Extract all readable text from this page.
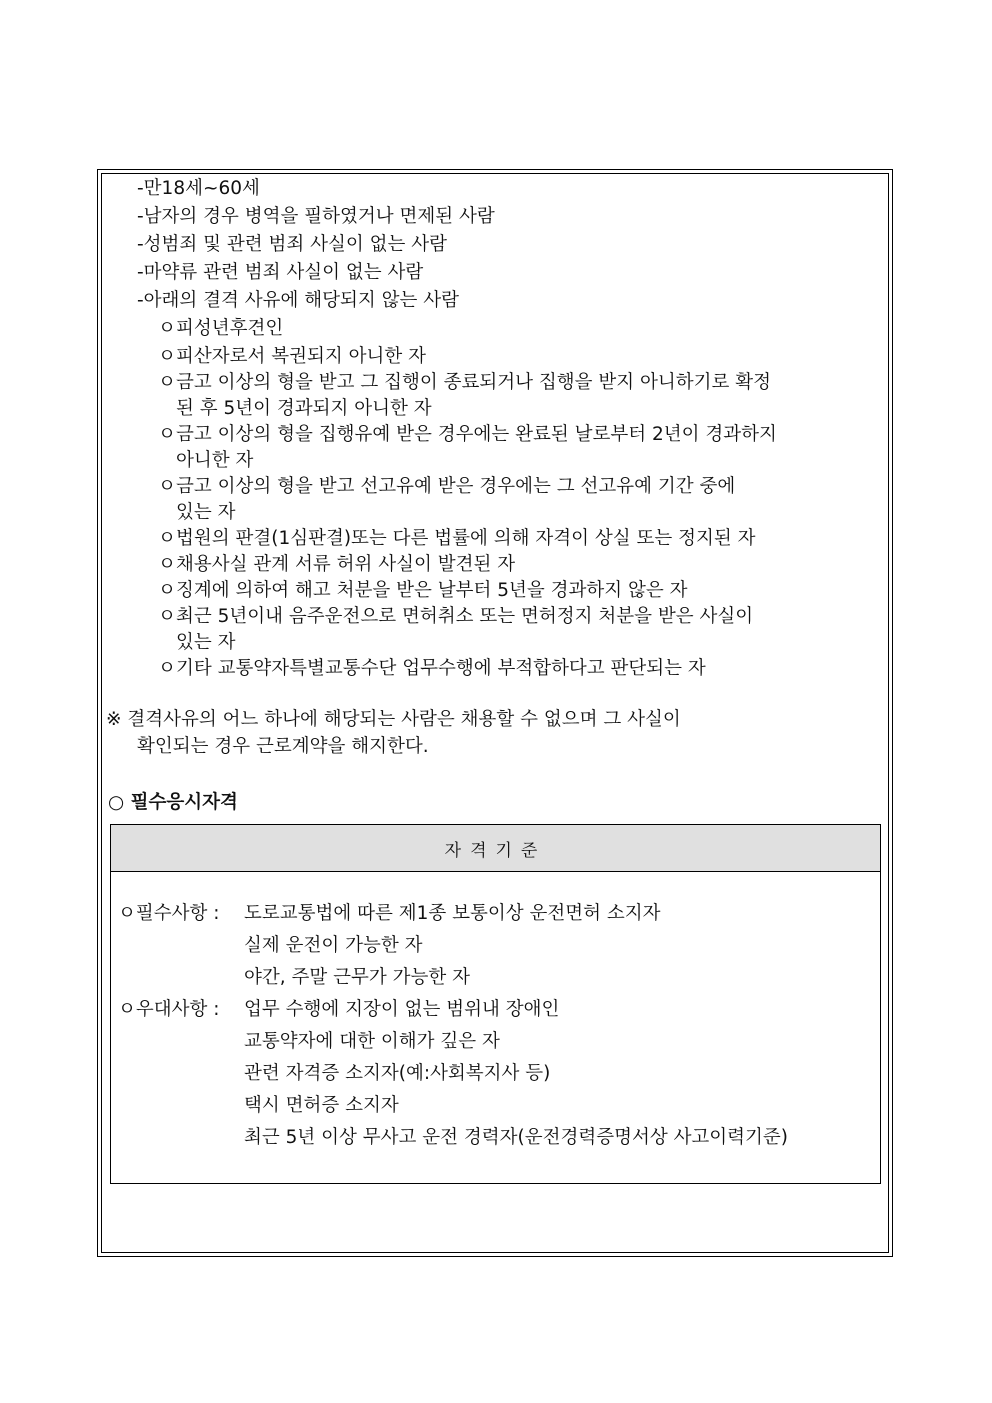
-만18세~60세
-남자의 경우 병역을 필하였거나 면제된 사람
-성범죄 및 관련 범죄 사실이 없는 사람
-마약류 관련 범죄 사실이 없는 사람
-아래의 결격 사유에 해당되지 않는 사람
ㅇ피성년후견인
ㅇ피산자로서 복권되지 아니한 자
ㅇ금고 이상의 형을 받고 그 집행이 종료되거나 집행을 받지 아니하기로 확정
된 후 5년이 경과되지 아니한 자
ㅇ금고 이상의 형을 집행유예 받은 경우에는 완료된 날로부터 2년이 경과하지
아니한 자
ㅇ금고 이상의 형을 받고 선고유예 받은 경우에는 그 선고유예 기간 중에
있는 자
ㅇ법원의 판결(1심판결)또는 다른 법률에 의해 자격이 상실 또는 정지된 자
ㅇ채용사실 관계 서류 허위 사실이 발견된 자
ㅇ징계에 의하여 해고 처분을 받은 날부터 5년을 경과하지 않은 자
ㅇ최근 5년이내 음주운전으로 면허취소 또는 면허정지 처분을 받은 사실이
있는 자
ㅇ기타 교통약자특별교통수단 업무수행에 부적합하다고 판단되는 자
※ 결격사유의 어느 하나에 해당되는 사람은 채용할 수 없으며 그 사실이
확인되는 경우 근로계약을 해지한다.
○ 필수응시자격
자격기준
ㅇ필수사항 : 도로교통법에 따른 제1종 보통이상 운전면허 소지자
실제 운전이 가능한 자
야간, 주말 근무가 가능한 자
ㅇ우대사항 : 업무 수행에 지장이 없는 범위내 장애인
교통약자에 대한 이해가 깊은 자
관련 자격증 소지자(예:사회복지사 등)
택시 면허증 소지자
최근 5년 이상 무사고 운전 경력자(운전경력증명서상 사고이력기준)
